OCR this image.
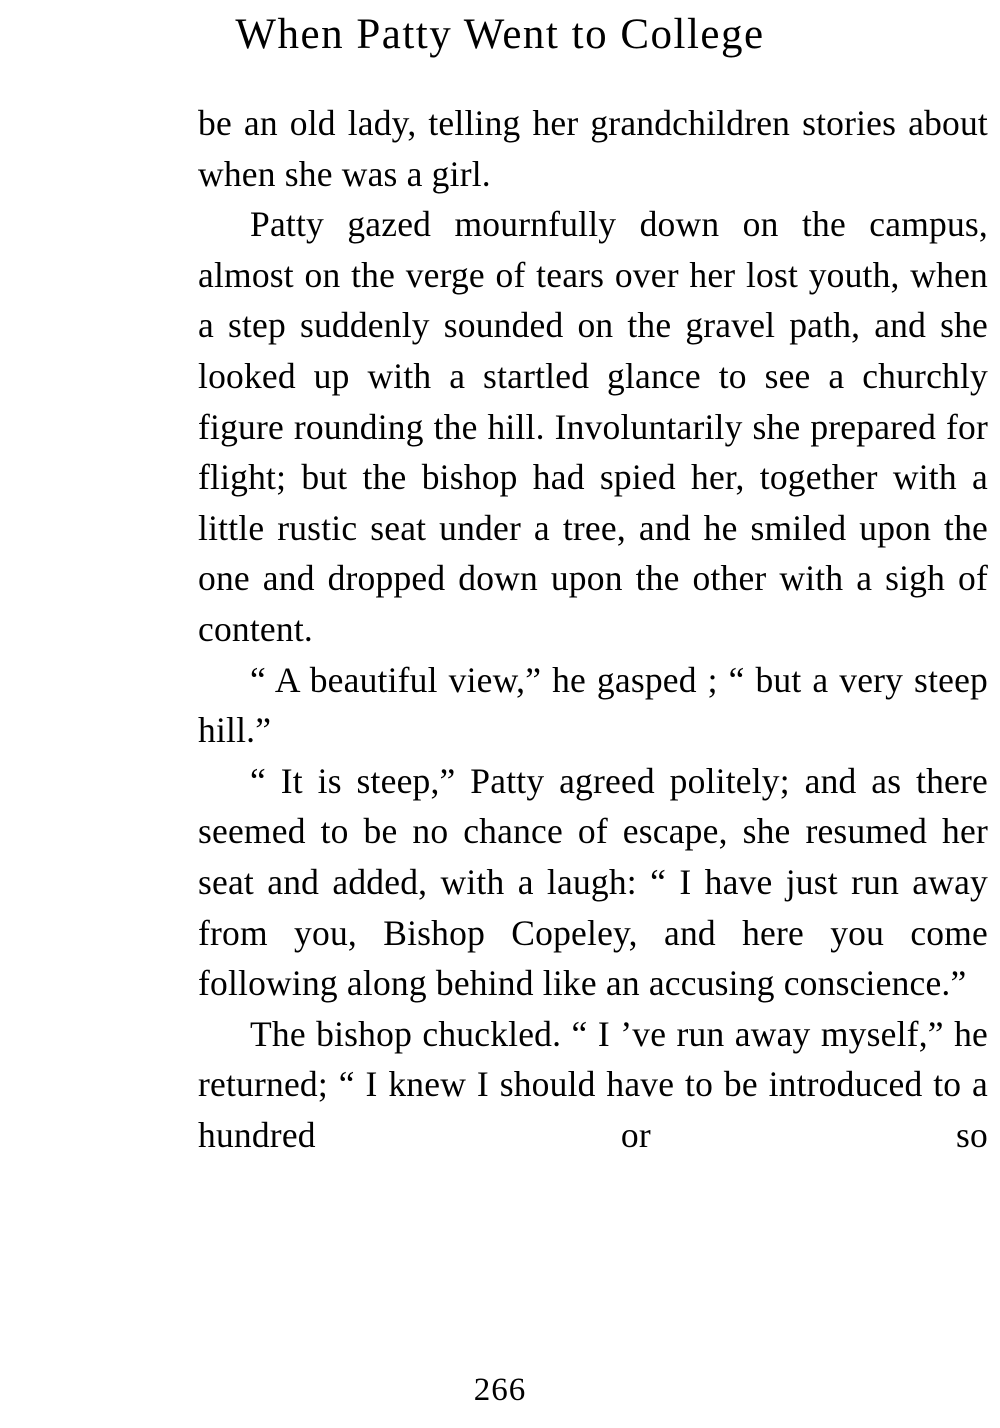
When Patty Went to College

be an old lady, telling her grandchildren stories about when she was a girl.

Patty gazed mournfully down on the campus, almost on the verge of tears over her lost youth, when a step suddenly sounded on the gravel path, and she looked up with a startled glance to see a churchly figure rounding the hill. Involuntarily she prepared for flight; but the bishop had spied her, together with a little rustic seat under a tree, and he smiled upon the one and dropped down upon the other with a sigh of content.

“ A beautiful view,” he gasped ; “ but a very steep hill.”

“ It is steep,” Patty agreed politely; and as there seemed to be no chance of escape, she resumed her seat and added, with a laugh: “ I have just run away from you, Bishop Copeley, and here you come following along behind like an accusing conscience.”

The bishop chuckled. “ I ’ve run away myself,” he returned; “ I knew I should have to be introduced to a hundred or so

266
